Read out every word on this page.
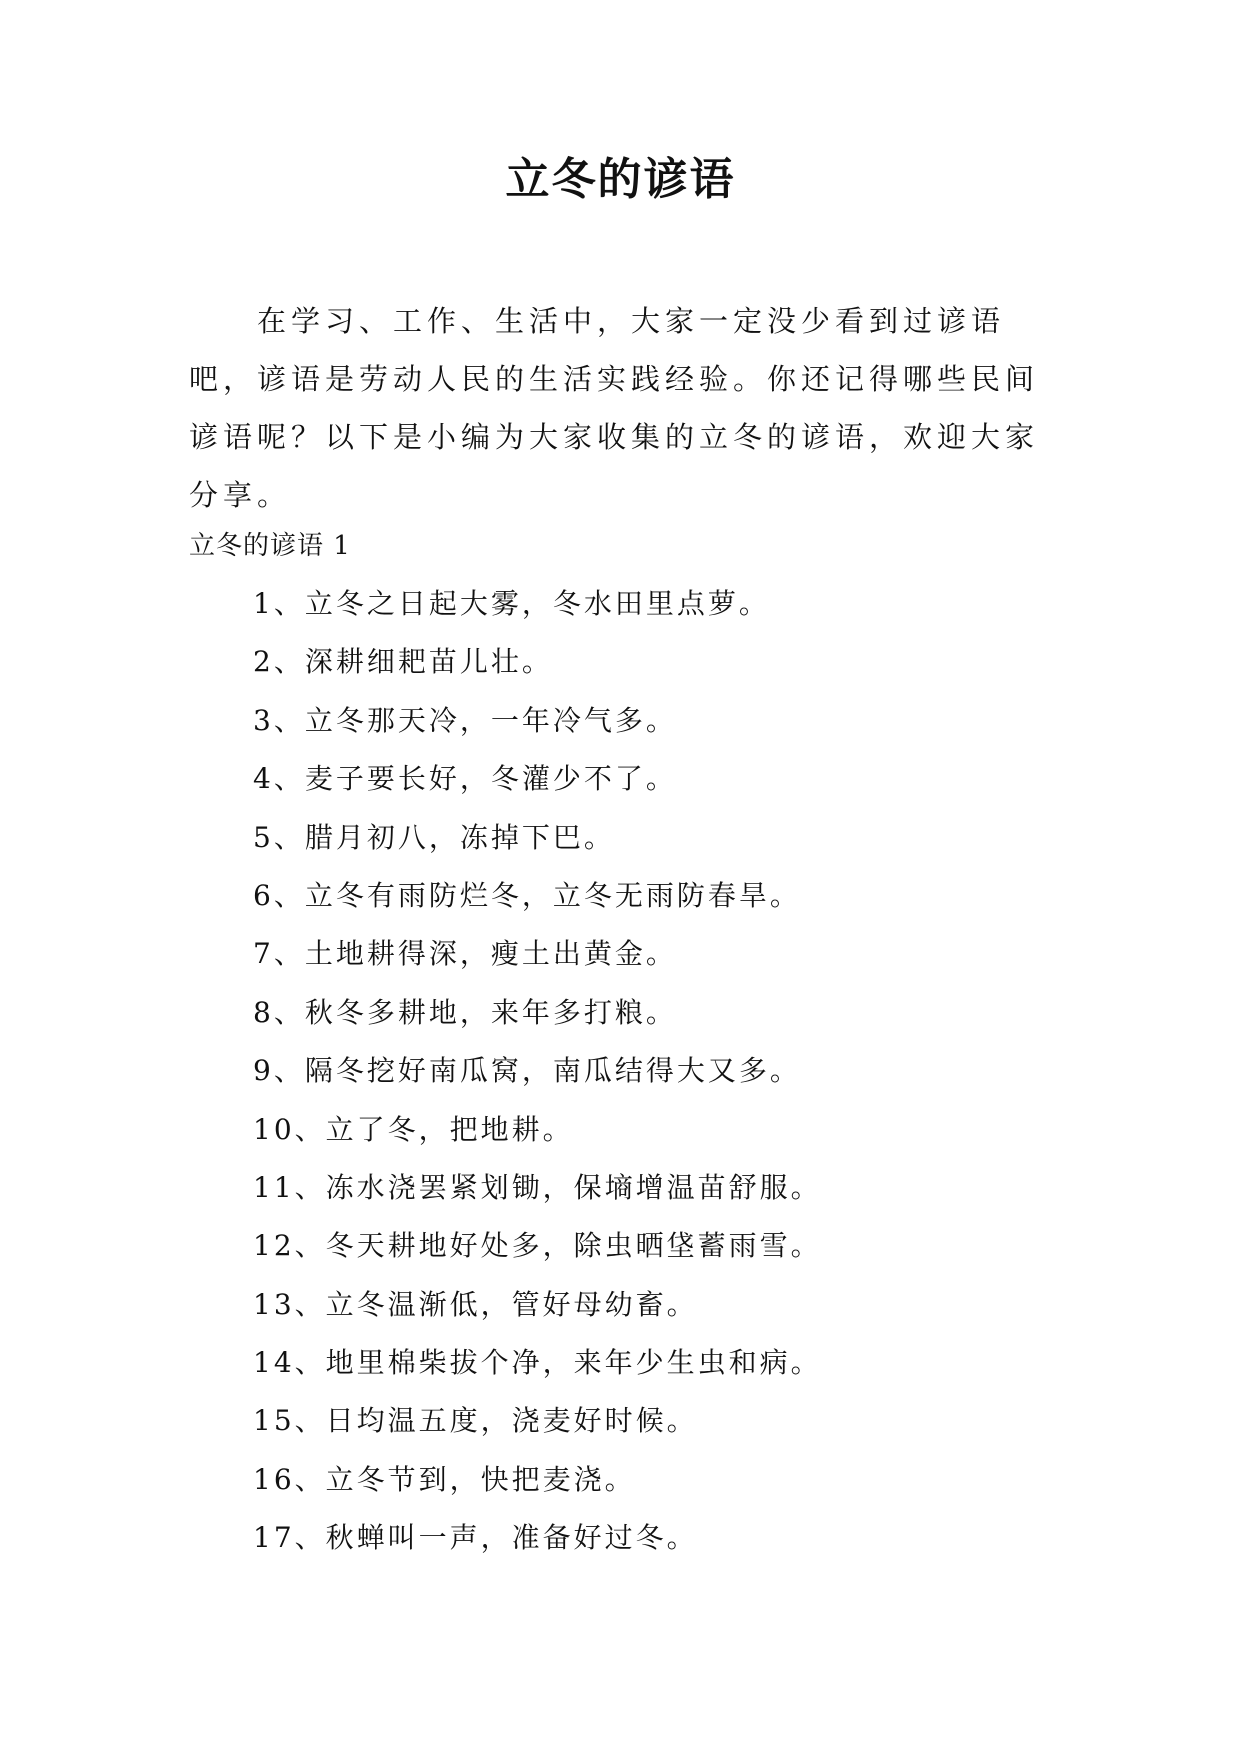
立冬的谚语

在学习、工作、生活中，大家一定没少看到过谚语吧，谚语是劳动人民的生活实践经验。你还记得哪些民间谚语呢？以下是小编为大家收集的立冬的谚语，欢迎大家分享。

立冬的谚语 1

1、立冬之日起大雾，冬水田里点萝。
2、深耕细耙苗儿壮。
3、立冬那天冷，一年冷气多。
4、麦子要长好，冬灌少不了。
5、腊月初八，冻掉下巴。
6、立冬有雨防烂冬，立冬无雨防春旱。
7、土地耕得深，瘦土出黄金。
8、秋冬多耕地，来年多打粮。
9、隔冬挖好南瓜窝，南瓜结得大又多。
10、立了冬，把地耕。
11、冻水浇罢紧划锄，保墒增温苗舒服。
12、冬天耕地好处多，除虫晒垡蓄雨雪。
13、立冬温渐低，管好母幼畜。
14、地里棉柴拔个净，来年少生虫和病。
15、日均温五度，浇麦好时候。
16、立冬节到，快把麦浇。
17、秋蝉叫一声，准备好过冬。
